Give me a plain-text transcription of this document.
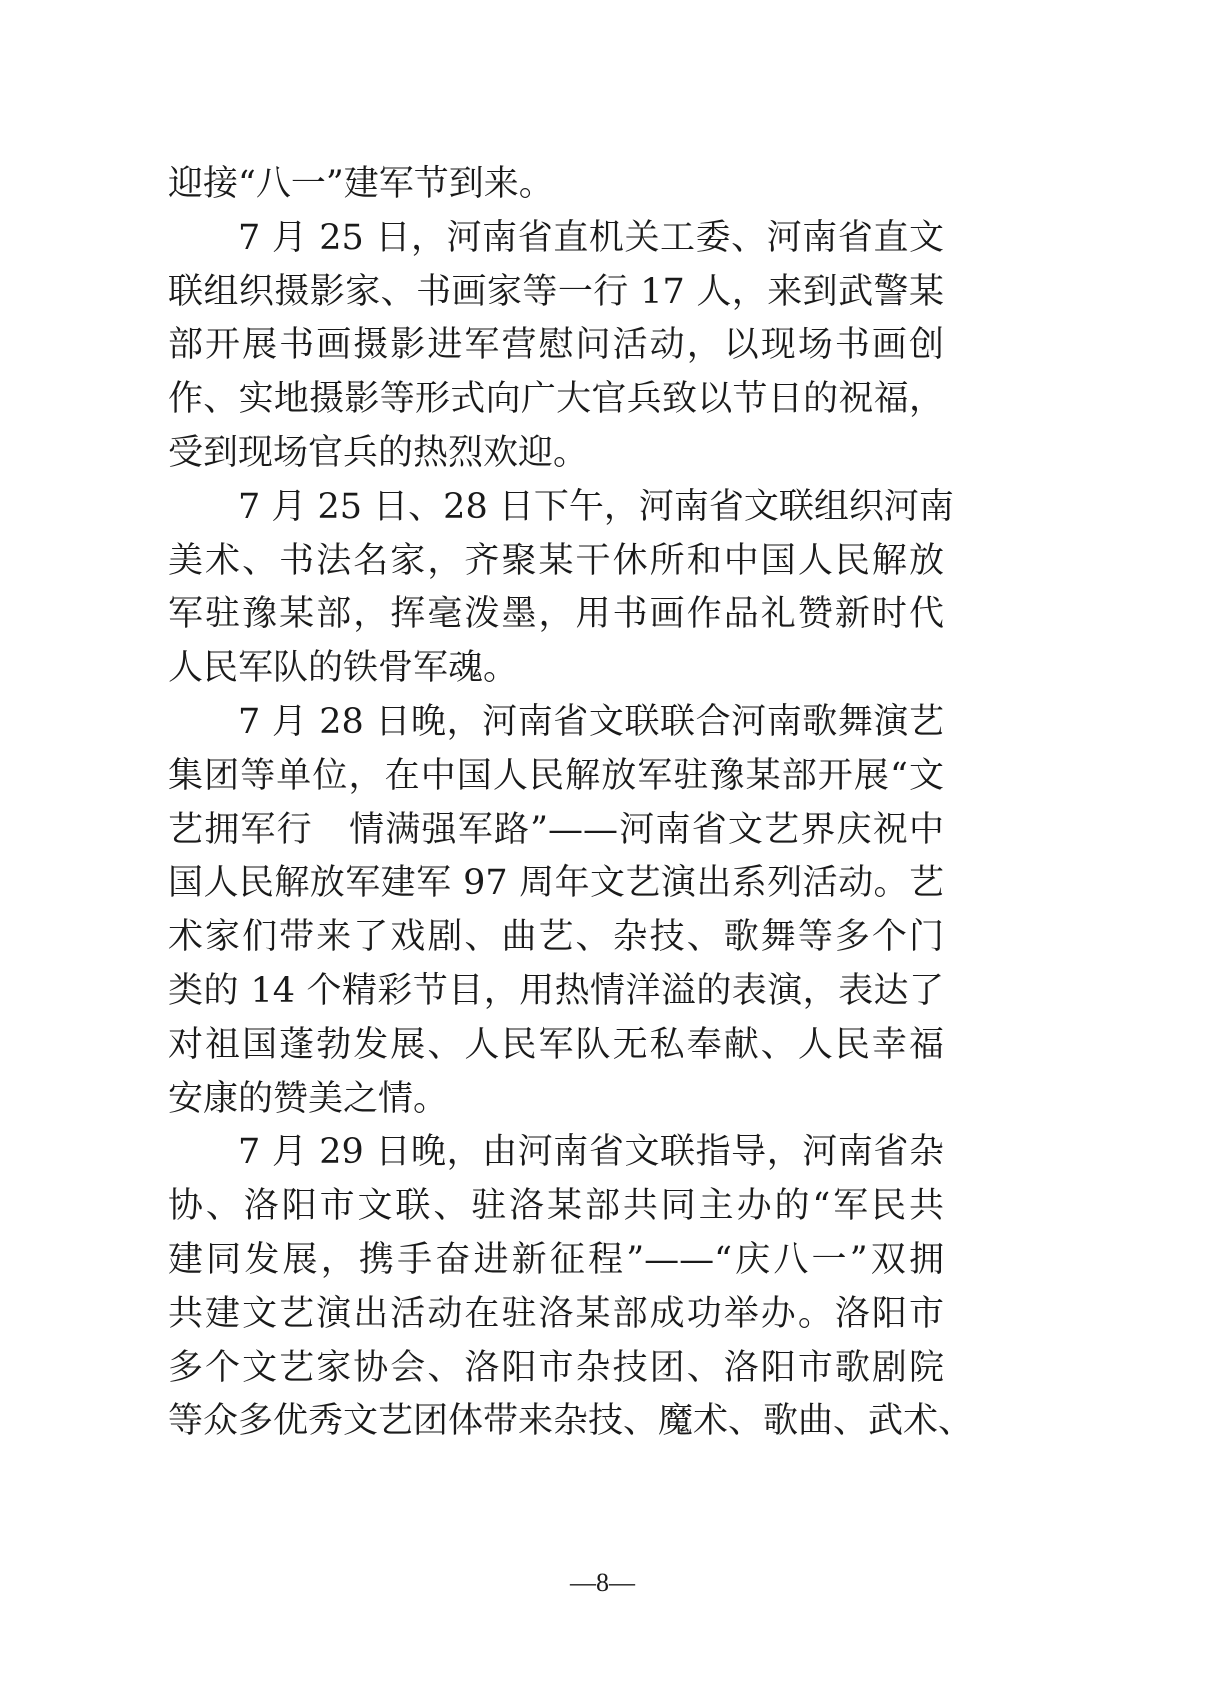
迎接“八一”建军节到来。
7 月 25 日，河南省直机关工委、河南省直文
联组织摄影家、书画家等一行 17 人，来到武警某
部开展书画摄影进军营慰问活动，以现场书画创
作、实地摄影等形式向广大官兵致以节日的祝福，
受到现场官兵的热烈欢迎。
7 月 25 日、28 日下午，河南省文联组织河南
美术、书法名家，齐聚某干休所和中国人民解放
军驻豫某部，挥毫泼墨，用书画作品礼赞新时代
人民军队的铁骨军魂。
7 月 28 日晚，河南省文联联合河南歌舞演艺
集团等单位，在中国人民解放军驻豫某部开展“文
艺拥军行　情满强军路”——河南省文艺界庆祝中
国人民解放军建军 97 周年文艺演出系列活动。艺
术家们带来了戏剧、曲艺、杂技、歌舞等多个门
类的 14 个精彩节目，用热情洋溢的表演，表达了
对祖国蓬勃发展、人民军队无私奉献、人民幸福
安康的赞美之情。
7 月 29 日晚，由河南省文联指导，河南省杂
协、洛阳市文联、驻洛某部共同主办的“军民共
建同发展，携手奋进新征程”——“庆八一”双拥
共建文艺演出活动在驻洛某部成功举办。洛阳市
多个文艺家协会、洛阳市杂技团、洛阳市歌剧院
等众多优秀文艺团体带来杂技、魔术、歌曲、武术、
—8—
